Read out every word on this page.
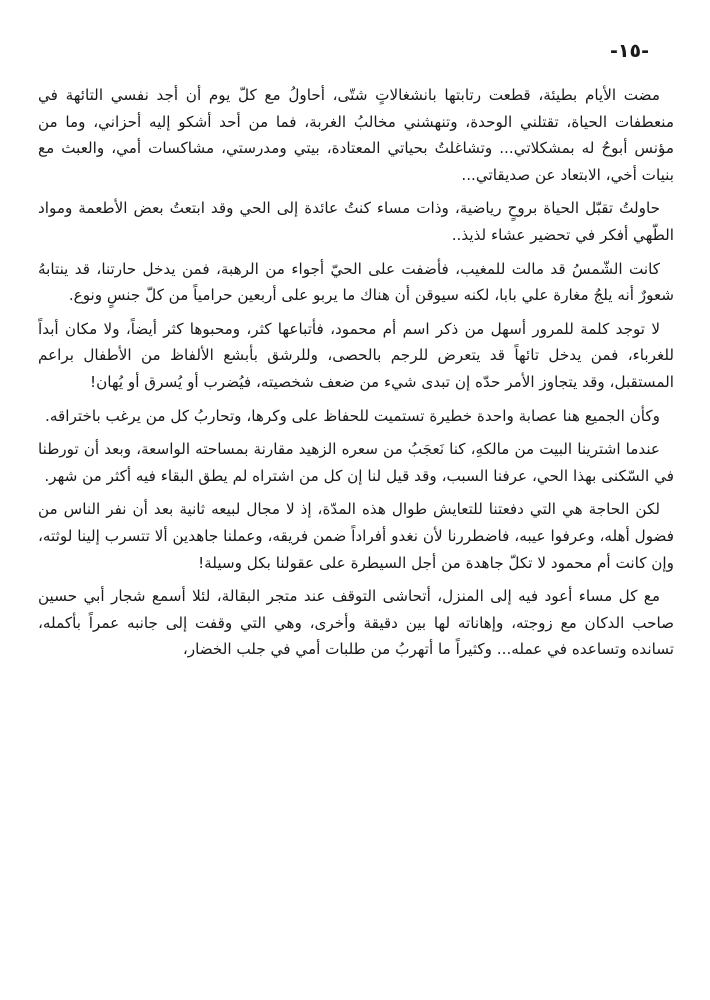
-١٥-

مضت الأيام بطيئة، قطعت رتابتها بانشغالاتٍ شتّى، أحاولُ مع كلّ يوم أن أجد نفسي التائهة في منعطفات الحياة، تقتلني الوحدة، وتنهشني مخالبُ الغربة، فما من أحد أشكو إليه أحزاني، وما من مؤنس أبوحُ له بمشكلاتي... وتشاغلتُ بحياتي المعتادة، بيتي ومدرستي، مشاكسات أمي، والعبث مع بنيات أخي، الابتعاد عن صديقاتي...

حاولتُ تقبّل الحياة بروحٍ رياضية، وذات مساء كنتُ عائدة إلى الحي وقد ابتعتُ بعض الأطعمة ومواد الطّهي أفكر في تحضير عشاء لذيذ..

كانت الشّمسُ قد مالت للمغيب، فأضفت على الحيّ أجواء من الرهبة، فمن يدخل حارتنا، قد ينتابهُ شعورٌ أنه يلجُ مغارة علي بابا، لكنه سيوقن أن هناك ما يربو على أربعين حرامياً من كلّ جنسٍ ونوع.

لا توجد كلمة للمرور أسهل من ذكر اسم أم محمود، فأتباعها كثر، ومحبوها كثر أيضاً، ولا مكان أبداً للغرباء، فمن يدخل تائهاً قد يتعرض للرجم بالحصى، وللرشق بأبشع الألفاظ من الأطفال براعم المستقبل، وقد يتجاوز الأمر حدّه إن تبدى شيء من ضعف شخصيته، فيُضرب أو يُسرق أو يُهان!

وكأن الجميع هنا عصابة واحدة خطيرة تستميت للحفاظ على وكرها، وتحاربُ كل من يرغب باختراقه.

عندما اشترينا البيت من مالكهِ، كنا نَعجَبُ من سعره الزهيد مقارنة بمساحته الواسعة، وبعد أن تورطنا في السّكنى بهذا الحي، عرفنا السبب، وقد قيل لنا إن كل من اشتراه لم يطق البقاء فيه أكثر من شهر.

لكن الحاجة هي التي دفعتنا للتعايش طوال هذه المدّة، إذ لا مجال لبيعه ثانية بعد أن نفر الناس من فضول أهله، وعرفوا عيبه، فاضطررنا لأن نغدو أفراداً ضمن فريقه، وعملنا جاهدين ألا تتسرب إلينا لوثته، وإن كانت أم محمود لا تكلّ جاهدة من أجل السيطرة على عقولنا بكل وسيلة!

مع كل مساء أعود فيه إلى المنزل، أتحاشى التوقف عند متجر البقالة، لئلا أسمع شجار أبي حسين صاحب الدكان مع زوجته، وإهاناته لها بين دقيقة وأخرى، وهي التي وقفت إلى جانبه عمراً بأكمله، تسانده وتساعده في عمله... وكثيراً ما أتهربُ من طلبات أمي في جلب الخضار،
